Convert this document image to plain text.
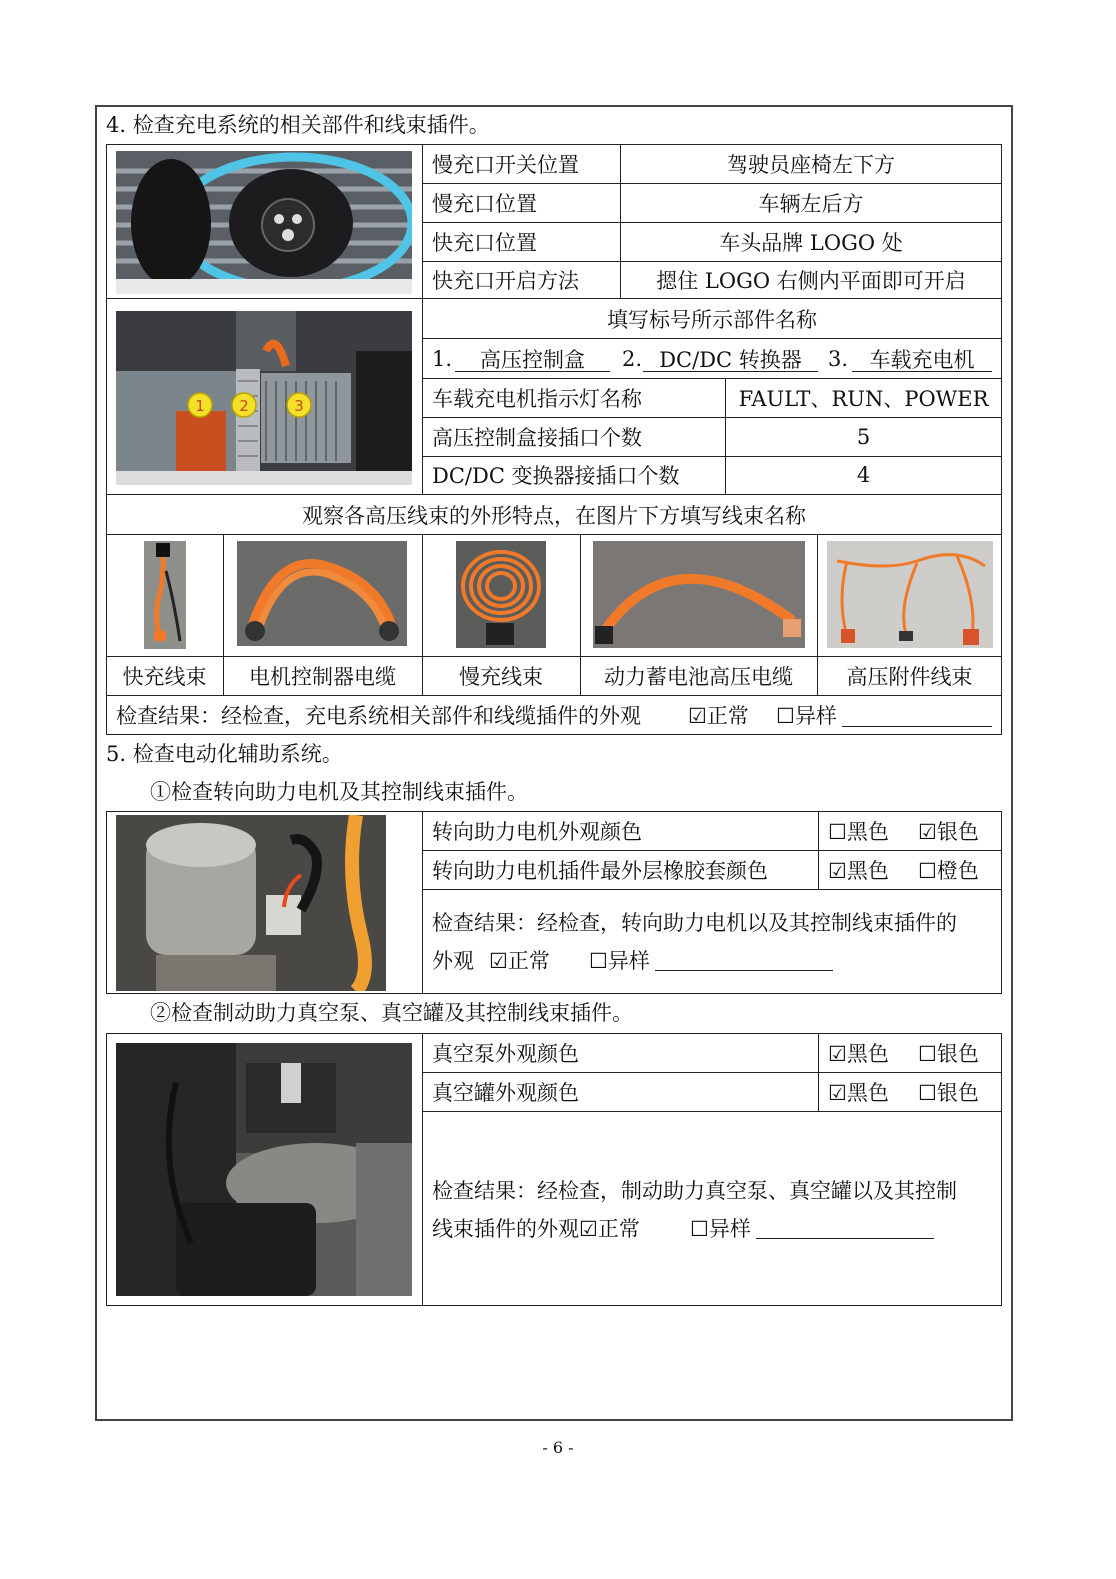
4. 检查充电系统的相关部件和线束插件。
慢充口开关位置	驾驶员座椅左下方
慢充口位置	车辆左后方
快充口位置	车头品牌 LOGO 处
快充口开启方法	摁住 LOGO 右侧内平面即可开启
1 2	3
填写标号所示部件名称
1.	高压控制盒	2. DC/DC 转换器	3.	车载充电机
车载充电机指示灯名称	FAULT、RUN、POWER
高压控制盒接插口个数	5
DC/DC 变换器接插口个数	4
观察各高压线束的外形特点，在图片下方填写线束名称
快充线束	电机控制器电缆	慢充线束	动力蓄电池高压电缆	高压附件线束
检查结果：经检查，充电系统相关部件和线缆插件的外观 ☑正常 ☐异样
5. 检查电动化辅助系统。
①检查转向助力电机及其控制线束插件。
转向助力电机外观颜色	☐黑色 ☑银色
转向助力电机插件最外层橡胶套颜色	☑黑色 ☐橙色
检查结果：经检查，转向助力电机以及其控制线束插件的
外观 ☑正常 ☐异样
②检查制动助力真空泵、真空罐及其控制线束插件。
真空泵外观颜色	☑黑色 ☐银色
真空罐外观颜色	☑黑色 ☐银色
检查结果：经检查，制动助力真空泵、真空罐以及其控制
线束插件的外观☑正常 ☐异样
- 6 -
